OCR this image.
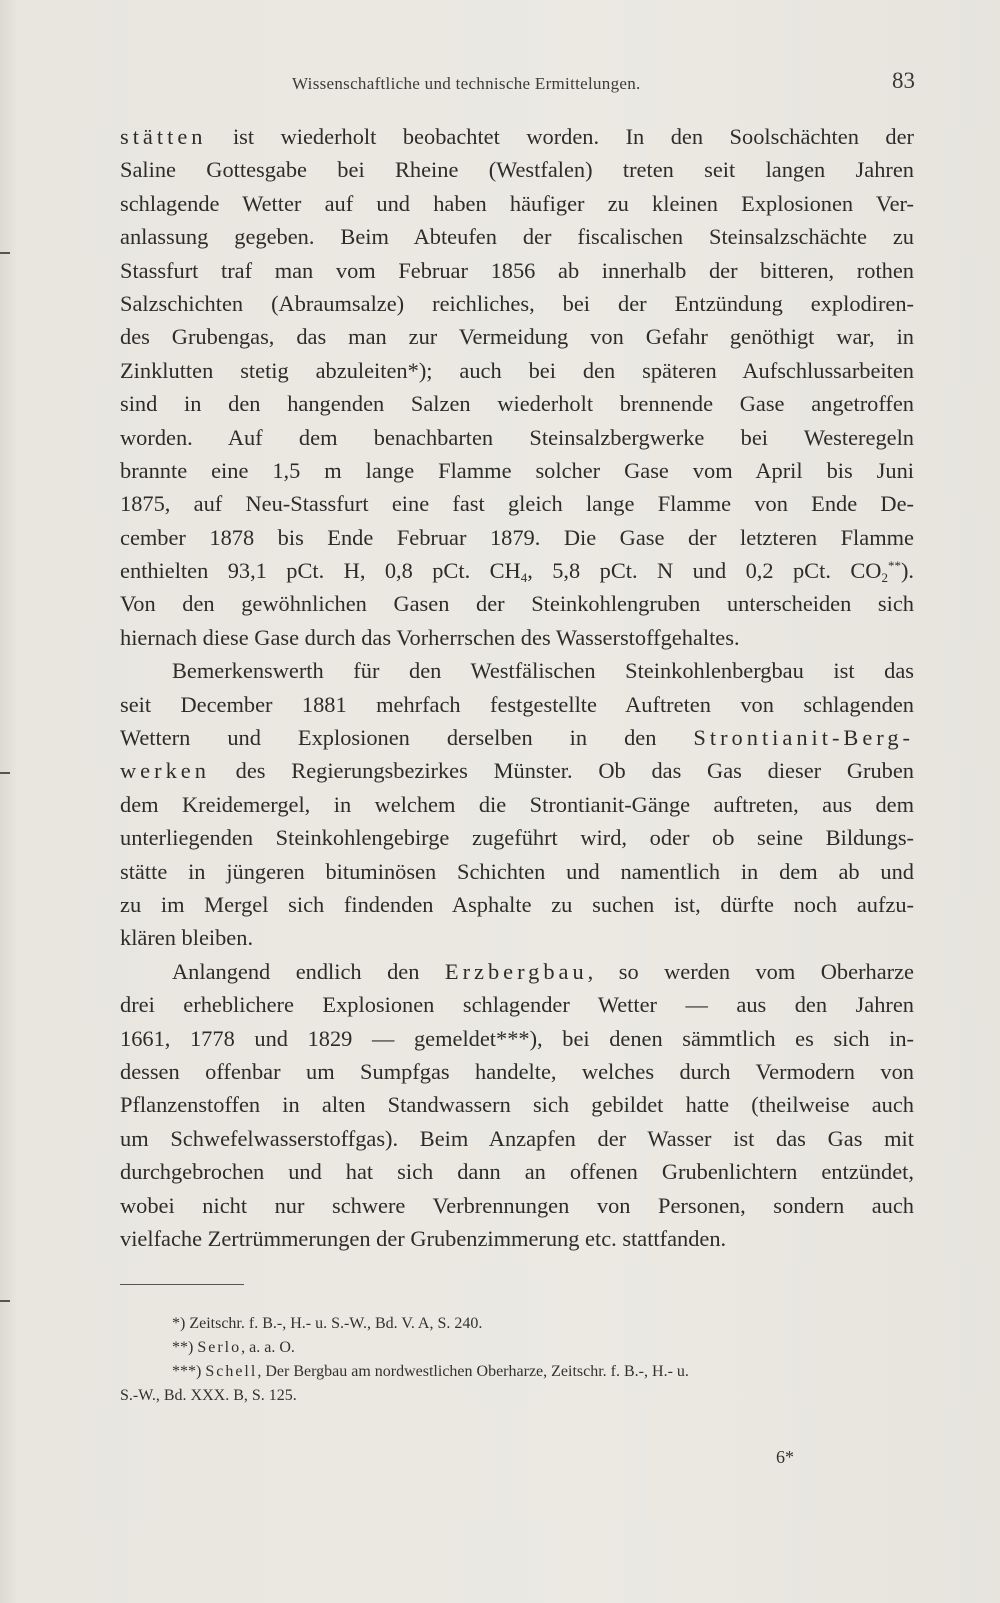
Wissenschaftliche und technische Ermittelungen.	83
stätten ist wiederholt beobachtet worden. In den Soolschächten der
Saline Gottesgabe bei Rheine (Westfalen) treten seit langen Jahren
schlagende Wetter auf und haben häufiger zu kleinen Explosionen Ver-
anlassung gegeben. Beim Abteufen der fiscalischen Steinsalzschächte zu
Stassfurt traf man vom Februar 1856 ab innerhalb der bitteren, rothen
Salzschichten (Abraumsalze) reichliches, bei der Entzündung explodiren-
des Grubengas, das man zur Vermeidung von Gefahr genöthigt war, in
Zinklutten stetig abzuleiten*); auch bei den späteren Aufschlussarbeiten
sind in den hangenden Salzen wiederholt brennende Gase angetroffen
worden. Auf dem benachbarten Steinsalzbergwerke bei Westeregeln
brannte eine 1,5 m lange Flamme solcher Gase vom April bis Juni
1875, auf Neu-Stassfurt eine fast gleich lange Flamme von Ende De-
cember 1878 bis Ende Februar 1879. Die Gase der letzteren Flamme
enthielten 93,1 pCt. H, 0,8 pCt. $CH_4$, 5,8 pCt. N und 0,2 pCt. $CO_2^{**}$).
Von den gewöhnlichen Gasen der Steinkohlengruben unterscheiden sich
hiernach diese Gase durch das Vorherrschen des Wasserstoffgehaltes.
Bemerkenswerth für den Westfälischen Steinkohlenbergbau ist das
seit December 1881 mehrfach festgestellte Auftreten von schlagenden
Wettern und Explosionen derselben in den Strontianit-Berg-
werken des Regierungsbezirkes Münster. Ob das Gas dieser Gruben
dem Kreidemergel, in welchem die Strontianit-Gänge auftreten, aus dem
unterliegenden Steinkohlengebirge zugeführt wird, oder ob seine Bildungs-
stätte in jüngeren bituminösen Schichten und namentlich in dem ab und
zu im Mergel sich findenden Asphalte zu suchen ist, dürfte noch aufzu-
klären bleiben.
Anlangend endlich den Erzbergbau, so werden vom Oberharze
drei erheblichere Explosionen schlagender Wetter — aus den Jahren
1661, 1778 und 1829 — gemeldet***), bei denen sämmtlich es sich in-
dessen offenbar um Sumpfgas handelte, welches durch Vermodern von
Pflanzenstoffen in alten Standwassern sich gebildet hatte (theilweise auch
um Schwefelwasserstoffgas). Beim Anzapfen der Wasser ist das Gas mit
durchgebrochen und hat sich dann an offenen Grubenlichtern entzündet,
wobei nicht nur schwere Verbrennungen von Personen, sondern auch
vielfache Zertrümmerungen der Grubenzimmerung etc. stattfanden.
*) Zeitschr. f. B.-, H.- u. S.-W., Bd. V. A, S. 240.
**) Serlo, a. a. O.
***) Schell, Der Bergbau am nordwestlichen Oberharze, Zeitschr. f. B.-, H.- u.
S.-W., Bd. XXX. B, S. 125.
6*
